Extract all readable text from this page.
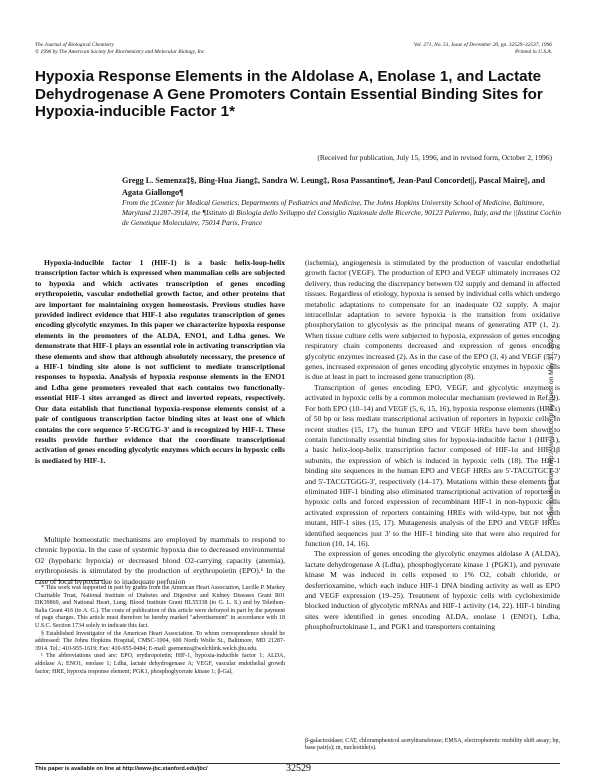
The Journal of Biological Chemistry
© 1996 by The American Society for Biochemistry and Molecular Biology, Inc.
Vol. 271, No. 51, Issue of December 20, pp. 32529–32537, 1996
Printed in U.S.A.
Hypoxia Response Elements in the Aldolase A, Enolase 1, and Lactate Dehydrogenase A Gene Promoters Contain Essential Binding Sites for Hypoxia-inducible Factor 1*
(Received for publication, July 15, 1996, and in revised form, October 2, 1996)
Gregg L. Semenza‡§, Bing-Hua Jiang‡, Sandra W. Leung‡, Rosa Passantino¶, Jean-Paul Concordet||, Pascal Maire||, and Agata Giallongo¶
From the ‡Center for Medical Genetics, Departments of Pediatrics and Medicine, The Johns Hopkins University School of Medicine, Baltimore, Maryland 21287-3914, the ¶Istituto di Biologia dello Sviluppo del Consiglio Nazionale delle Ricerche, 90123 Palermo, Italy, and the ||Institut Cochin de Genetique Moleculaire, 75014 Paris, France

Hypoxia-inducible factor 1 (HIF-1) is a basic helix-loop-helix transcription factor which is expressed when mammalian cells are subjected to hypoxia and which activates transcription of genes encoding erythropoietin, vascular endothelial growth factor, and other proteins that are important for maintaining oxygen homeostasis. Previous studies have provided indirect evidence that HIF-1 also regulates transcription of genes encoding glycolytic enzymes. In this paper we characterize hypoxia response elements in the promoters of the ALDA, ENO1, and Ldha genes. We demonstrate that HIF-1 plays an essential role in activating transcription via these elements and show that although absolutely necessary, the presence of a HIF-1 binding site alone is not sufficient to mediate transcriptional responses to hypoxia. Analysis of hypoxia response elements in the ENO1 and Ldha gene promoters revealed that each contains two functionally-essential HIF-1 sites arranged as direct and inverted repeats, respectively. Our data establish that functional hypoxia-response elements consist of a pair of contiguous transcription factor binding sites at least one of which contains the core sequence 5'-RCGTG-3' and is recognized by HIF-1. These results provide further evidence that the coordinate transcriptional activation of genes encoding glycolytic enzymes which occurs in hypoxic cells is mediated by HIF-1.

Multiple homeostatic mechanisms are employed by mammals to respond to chronic hypoxia. In the case of systemic hypoxia due to decreased environmental O2 (hypobaric hypoxia) or decreased blood O2-carrying capacity (anemia), erythropoiesis is stimulated by the production of erythropoietin (EPO).¹ In the case of local hypoxia due to inadequate perfusion

* This work was supported in part by grants from the American Heart Association, Lucille P. Markey Charitable Trust, National Institute of Diabetes and Digestive and Kidney Diseases Grant R01 DK39869, and National Heart, Lung, Blood Institute Grant HL55338 (to G. L. S.) and by Telethon-Italia Grant 416 (to A. G.). The costs of publication of this article were defrayed in part by the payment of page charges. This article must therefore be hereby marked "advertisement" in accordance with 18 U.S.C. Section 1734 solely to indicate this fact.

§ Established Investigator of the American Heart Association. To whom correspondence should be addressed: The Johns Hopkins Hospital, CMSC-1004, 600 North Wolfe St., Baltimore, MD 21287-3914. Tel.: 410-955-1619; Fax: 410-955-0484; E-mail: gsemenza@welchlink.welch.jhu.edu.

¹ The abbreviations used are: EPO, erythropoietin; HIF-1, hypoxia-inducible factor 1; ALDA, aldolase A; ENO1, enolase 1; Ldha, lactate dehydrogenase A; VEGF, vascular endothelial growth factor; HRE, hypoxia response element; PGK1, phosphoglycerate kinase 1; β-Gal,

(ischemia), angiogenesis is stimulated by the production of vascular endothelial growth factor (VEGF). The production of EPO and VEGF ultimately increases O2 delivery, thus reducing the discrepancy between O2 supply and demand in affected tissues. Regardless of etiology, hypoxia is sensed by individual cells which undergo metabolic adaptations to compensate for an inadequate O2 supply. A major intracellular adaptation to severe hypoxia is the transition from oxidative phosphorylation to glycolysis as the principal means of generating ATP (1, 2). When tissue culture cells were subjected to hypoxia, expression of genes encoding respiratory chain components decreased and expression of genes encoding glycolytic enzymes increased (2). As in the case of the EPO (3, 4) and VEGF (5–7) genes, increased expression of genes encoding glycolytic enzymes in hypoxic cells is due at least in part to increased gene transcription (8).

Transcription of genes encoding EPO, VEGF, and glycolytic enzymes is activated in hypoxic cells by a common molecular mechanism (reviewed in Ref. 9). For both EPO (10–14) and VEGF (5, 6, 15, 16), hypoxia response elements (HREs) of 50 bp or less mediate transcriptional activation of reporters in hypoxic cells. In recent studies (15, 17), the human EPO and VEGF HREs have been shown to contain functionally essential binding sites for hypoxia-inducible factor 1 (HIF-1), a basic helix-loop-helix transcription factor composed of HIF-1α and HIF-1β subunits, the expression of which is induced in hypoxic cells (18). The HIF-1 binding site sequences in the human EPO and VEGF HREs are 5'-TACGTGCT-3' and 5'-TACGTGGG-3', respectively (14–17). Mutations within these elements that eliminated HIF-1 binding also eliminated transcriptional activation of reporters in hypoxic cells and forced expression of recombinant HIF-1 in non-hypoxic cells activated expression of reporters containing HREs with wild-type, but not with mutant, HIF-1 sites (15, 17). Mutagenesis analysis of the EPO and VEGF HREs identified sequences just 3' to the HIF-1 binding site that were also required for function (10, 14, 16).

The expression of genes encoding the glycolytic enzymes aldolase A (ALDA), lactate dehydrogenase A (Ldha), phosphoglycerate kinase 1 (PGK1), and pyruvate kinase M was induced in cells exposed to 1% O2, cobalt chloride, or desferrioxamine, which each induce HIF-1 DNA binding activity as well as EPO and VEGF expression (19–25). Treatment of hypoxic cells with cycloheximide blocked induction of glycolytic mRNAs and HIF-1 activity (14, 22). HIF-1 binding sites were identified in genes encoding ALDA, enolase 1 (ENO1), Ldha, phosphofructokinase L, and PGK1 and transporters containing

β-galactosidase; CAT, chloramphenicol acetyltransferase; EMSA, electrophoretic mobility shift assay; bp, base pair(s); nt, nucleotide(s).
This paper is available on line at http://www-jbc.stanford.edu/jbc/	32529
Downloaded from http://www.jbc.org/ by guest on May 31, 2020
